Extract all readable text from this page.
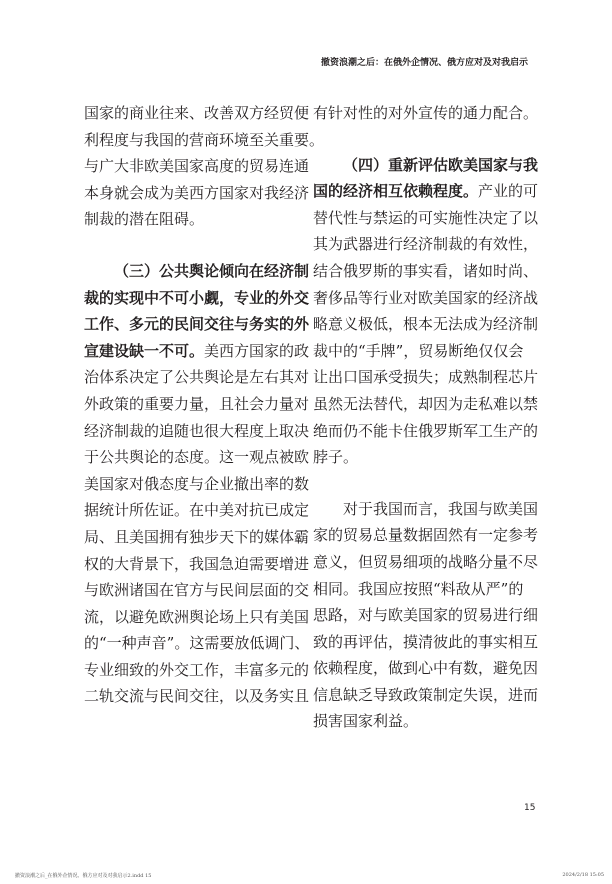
撤资浪潮之后：在俄外企情况、俄方应对及对我启示
国家的商业往来、改善双方经贸便
利程度与我国的营商环境至关重要。
与广大非欧美国家高度的贸易连通
本身就会成为美西方国家对我经济
制裁的潜在阻碍。
（三）公共舆论倾向在经济制
裁的实现中不可小觑，专业的外交
工作、多元的民间交往与务实的外
宣建设缺一不可。美西方国家的政
治体系决定了公共舆论是左右其对
外政策的重要力量，且社会力量对
经济制裁的追随也很大程度上取决
于公共舆论的态度。这一观点被欧
美国家对俄态度与企业撤出率的数
据统计所佐证。在中美对抗已成定
局、且美国拥有独步天下的媒体霸
权的大背景下，我国急迫需要增进
与欧洲诸国在官方与民间层面的交
流，以避免欧洲舆论场上只有美国
的“一种声音”。这需要放低调门、
专业细致的外交工作，丰富多元的
二轨交流与民间交往，以及务实且
有针对性的对外宣传的通力配合。
（四）重新评估欧美国家与我
国的经济相互依赖程度。产业的可
替代性与禁运的可实施性决定了以
其为武器进行经济制裁的有效性，
结合俄罗斯的事实看，诸如时尚、
奢侈品等行业对欧美国家的经济战
略意义极低，根本无法成为经济制
裁中的“手牌”，贸易断绝仅仅会
让出口国承受损失；成熟制程芯片
虽然无法替代，却因为走私难以禁
绝而仍不能卡住俄罗斯军工生产的
脖子。
对于我国而言，我国与欧美国
家的贸易总量数据固然有一定参考
意义，但贸易细项的战略分量不尽
相同。我国应按照“料敌从严”的
思路，对与欧美国家的贸易进行细
致的再评估，摸清彼此的事实相互
依赖程度，做到心中有数，避免因
信息缺乏导致政策制定失误，进而
损害国家利益。
15
撤资浪潮之后_在俄外企情况、俄方应对及对我启示2.indd 15	2024/2/18 15:05
